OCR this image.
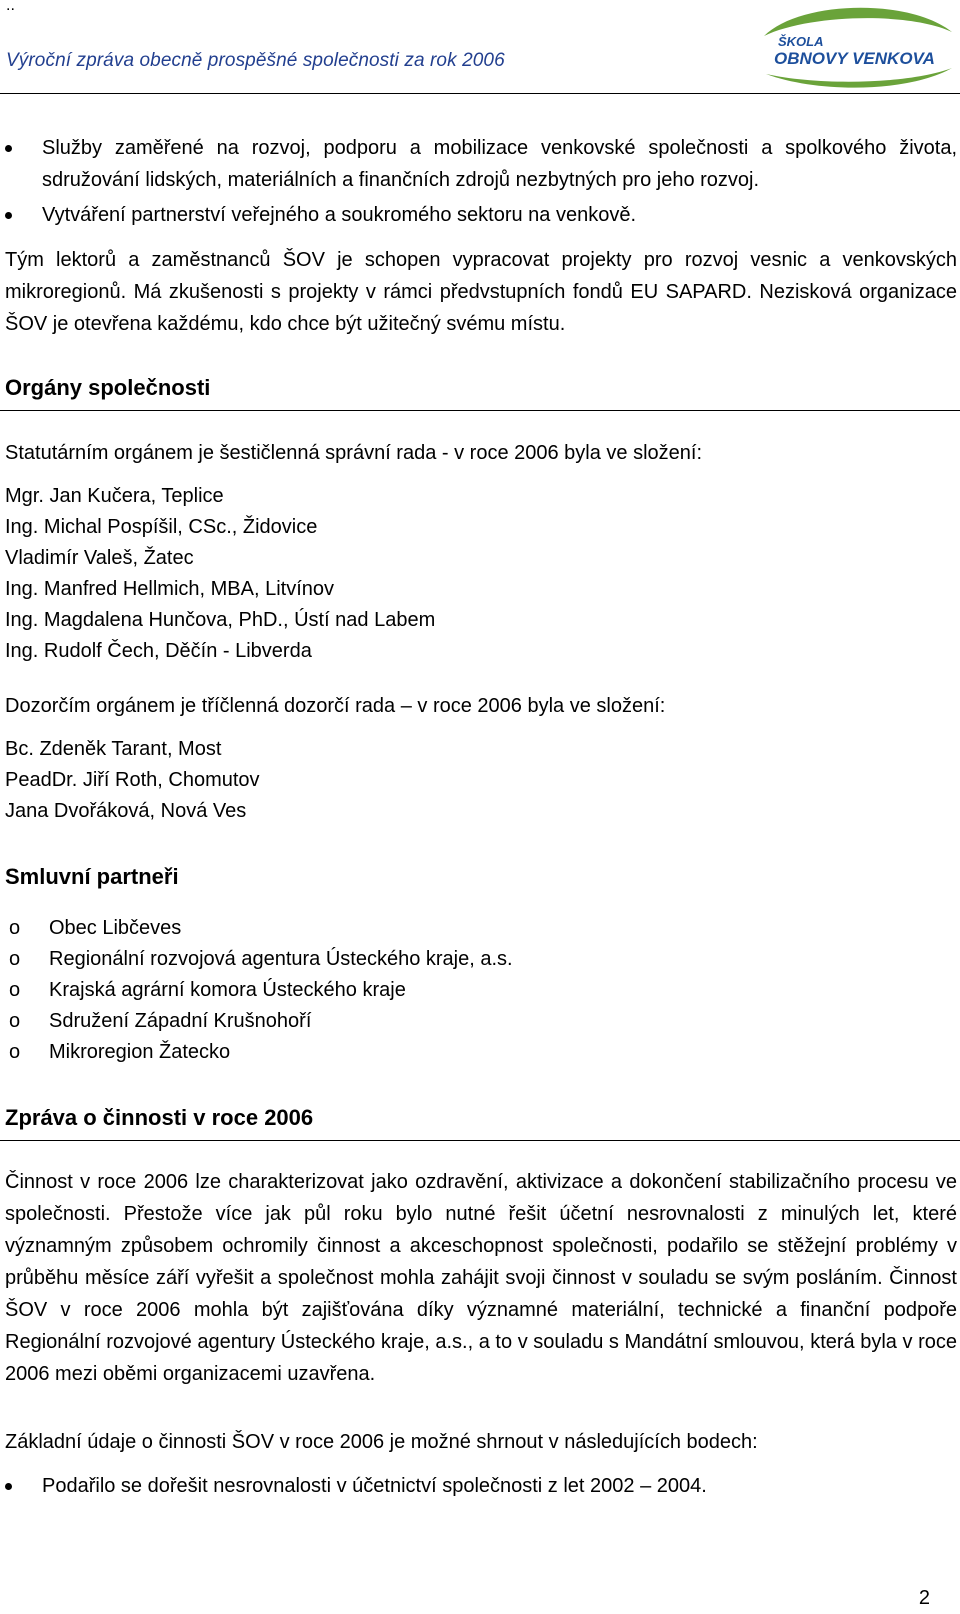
..
Výroční zpráva obecně prospěšné společnosti za rok 2006
ŠKOLA
OBNOVY VENKOVA
Služby zaměřené na rozvoj, podporu a mobilizace venkovské společnosti a spolkového života, sdružování lidských, materiálních a finančních zdrojů nezbytných pro jeho rozvoj.
Vytváření partnerství veřejného a soukromého sektoru na venkově.
Tým lektorů a zaměstnanců ŠOV je schopen vypracovat projekty pro rozvoj vesnic a venkovských mikroregionů. Má zkušenosti s projekty v rámci předvstupních fondů EU SAPARD. Nezisková organizace ŠOV je otevřena každému, kdo chce být užitečný svému místu.
Orgány společnosti
Statutárním orgánem je šestičlenná správní rada - v roce 2006 byla ve složení:
Mgr. Jan Kučera, Teplice
Ing. Michal Pospíšil, CSc., Židovice
Vladimír Valeš, Žatec
Ing. Manfred Hellmich, MBA, Litvínov
Ing. Magdalena Hunčova, PhD., Ústí nad Labem
Ing. Rudolf Čech, Děčín - Libverda
Dozorčím orgánem je tříčlenná dozorčí rada – v roce 2006 byla ve složení:
Bc. Zdeněk Tarant, Most
PeadDr. Jiří Roth, Chomutov
Jana Dvořáková, Nová Ves
Smluvní partneři
o Obec Libčeves
o Regionální rozvojová agentura Ústeckého kraje, a.s.
o Krajská agrární komora Ústeckého kraje
o Sdružení Západní Krušnohoří
o Mikroregion Žatecko
Zpráva o činnosti v roce 2006
Činnost v roce 2006 lze charakterizovat jako ozdravění, aktivizace a dokončení stabilizačního procesu ve společnosti. Přestože více jak půl roku bylo nutné řešit účetní nesrovnalosti z minulých let, které významným způsobem ochromily činnost a akceschopnost společnosti, podařilo se stěžejní problémy v průběhu měsíce září vyřešit a společnost mohla zahájit svoji činnost v souladu se svým posláním. Činnost ŠOV v roce 2006 mohla být zajišťována díky významné materiální, technické a finanční podpoře Regionální rozvojové agentury Ústeckého kraje, a.s., a to v souladu s Mandátní smlouvou, která byla v roce 2006 mezi oběmi organizacemi uzavřena.
Základní údaje o činnosti ŠOV v roce 2006 je možné shrnout v následujících bodech:
Podařilo se dořešit nesrovnalosti v účetnictví společnosti z let 2002 – 2004.
2
